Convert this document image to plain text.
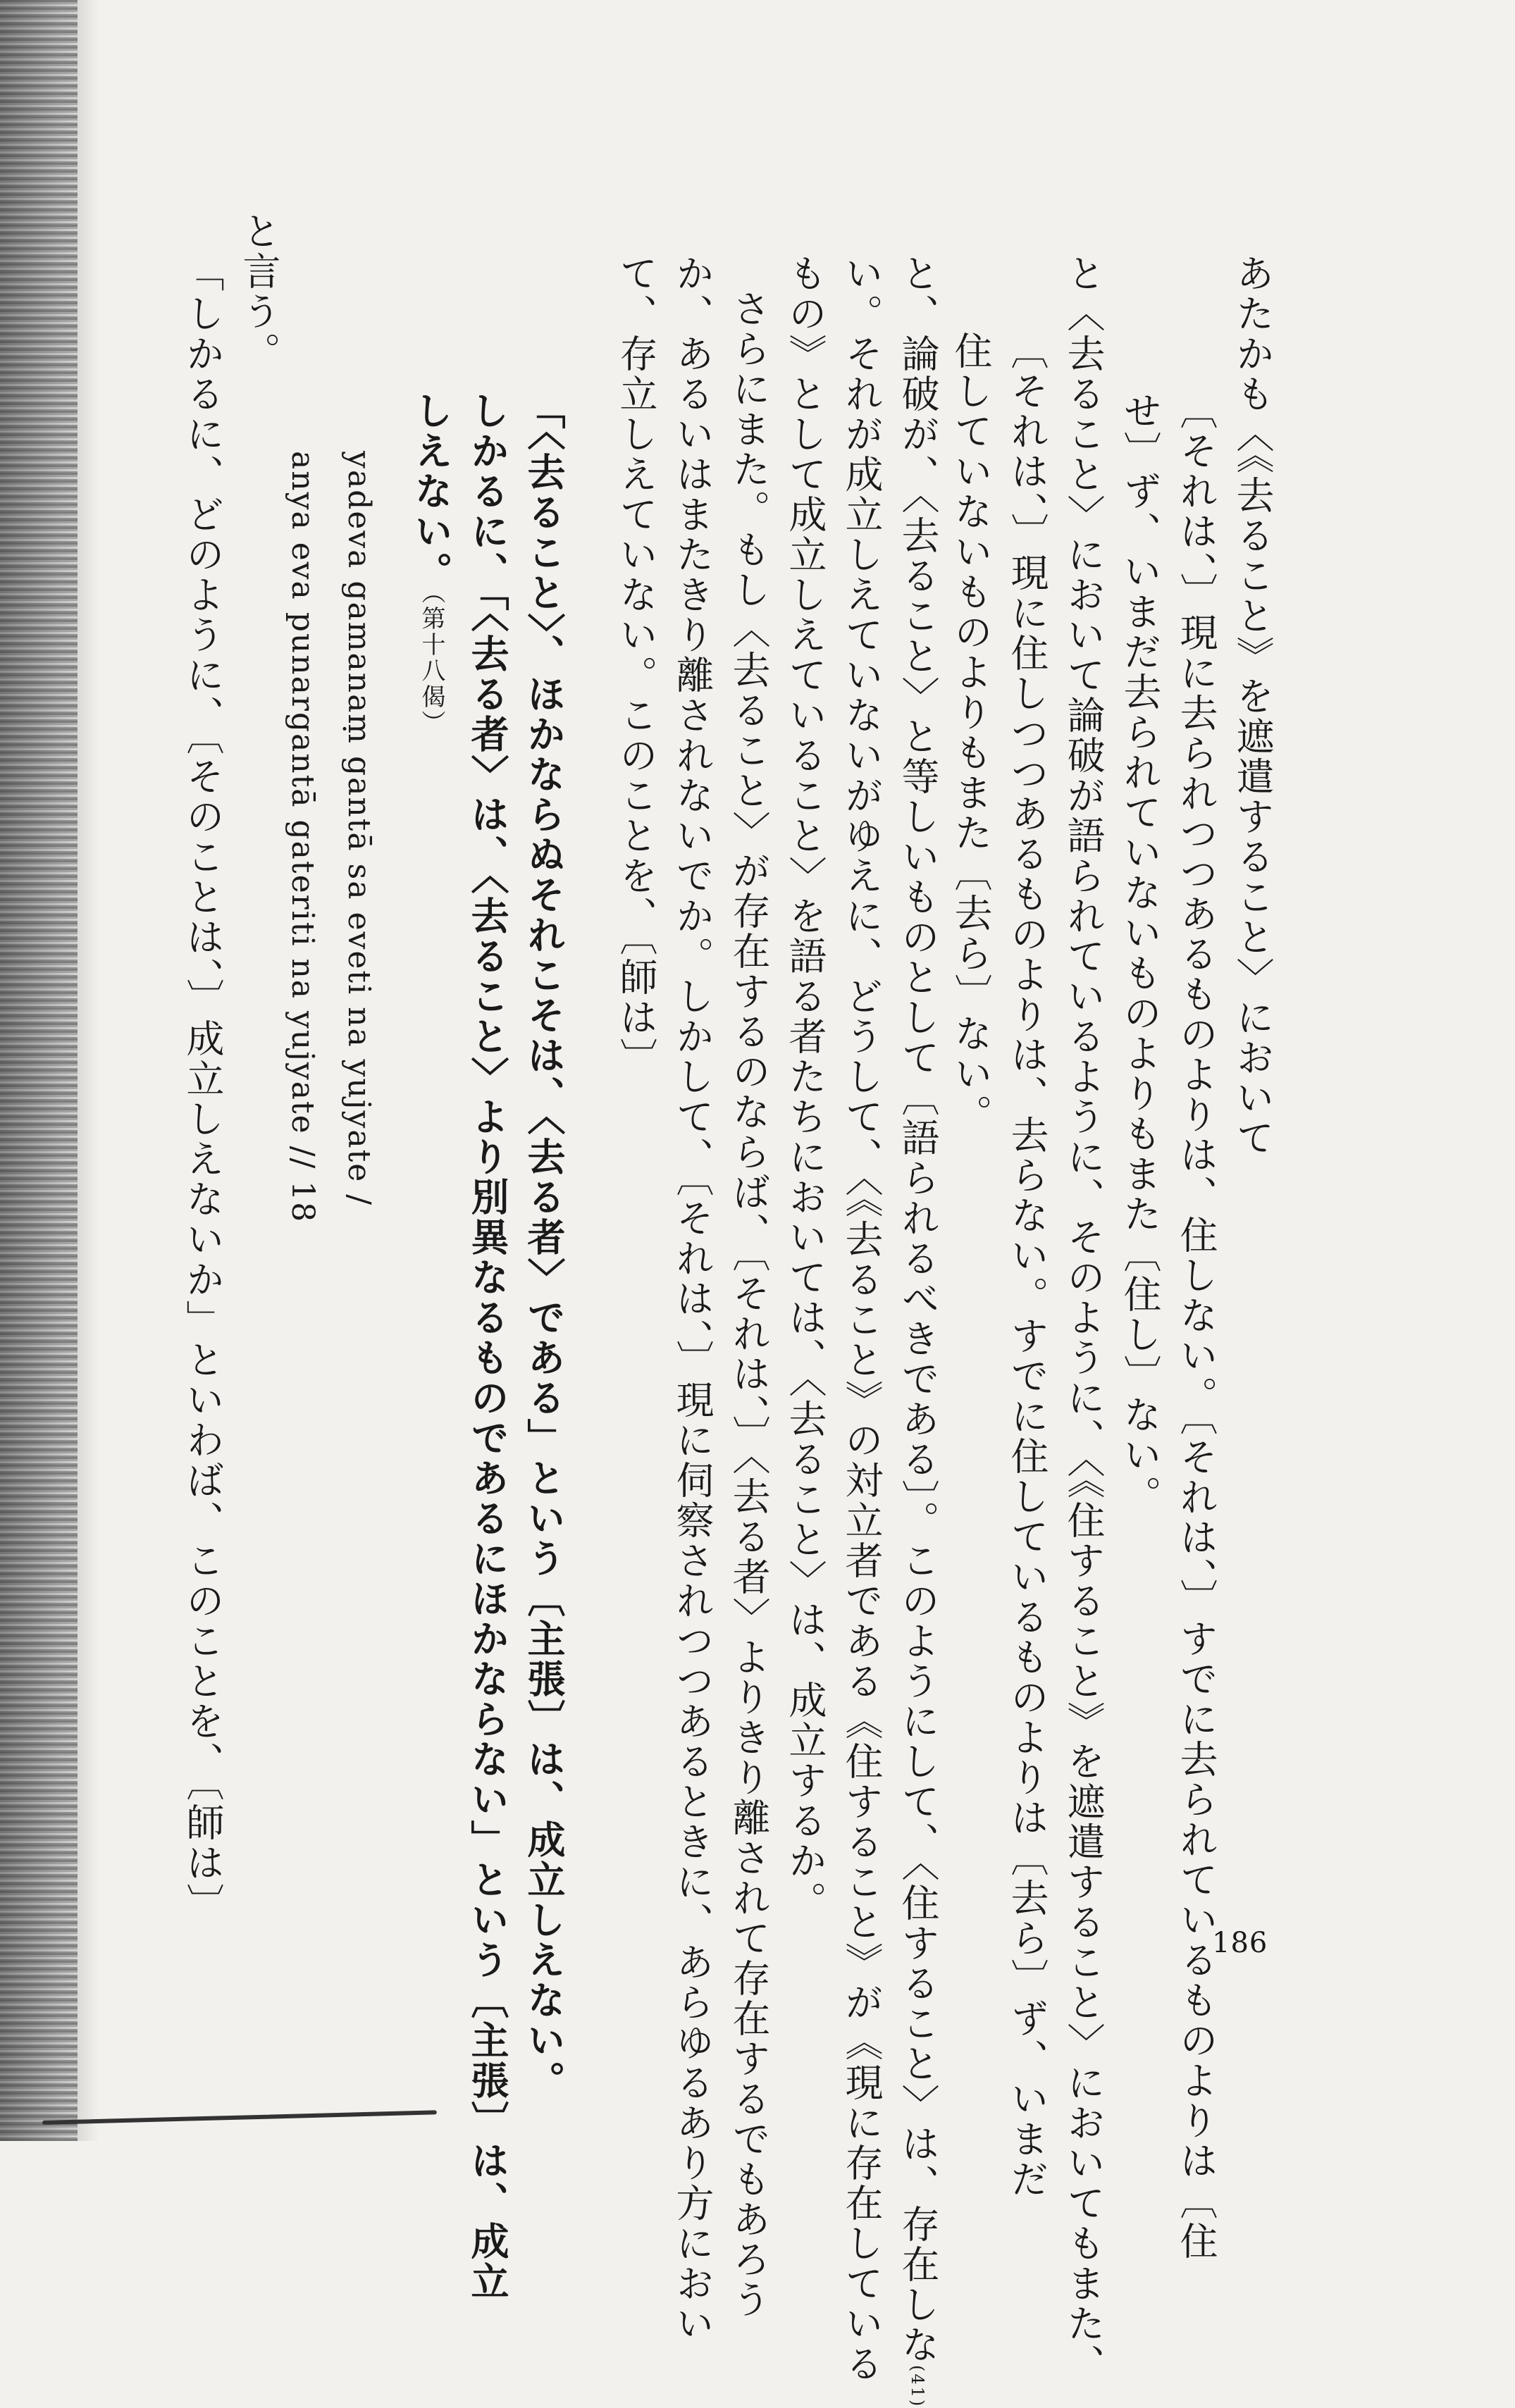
186
あたかも〈《去ること》を遮遣すること〉において
〔それは、〕現に去られつつあるものよりは、住しない。〔それは、〕すでに去られているものよりは〔住
せ〕ず、いまだ去られていないものよりもまた〔住し〕ない。
と〈去ること〉において論破が語られているように、そのように、〈《住すること》を遮遣すること〉においてもまた、
〔それは、〕現に住しつつあるものよりは、去らない。すでに住しているものよりは〔去ら〕ず、いまだ
住していないものよりもまた〔去ら〕ない。
と、論破が、〈去ること〉と等しいものとして〔語られるべきである〕。このようにして、〈住すること〉は、存在しな(41)
い。それが成立しえていないがゆえに、どうして、〈《去ること》の対立者である《住すること》が《現に存在している
もの》として成立しえていること〉を語る者たちにおいては、〈去ること〉は、成立するか。
さらにまた。もし〈去ること〉が存在するのならば、〔それは、〕〈去る者〉よりきり離されて存在するでもあろう
か、あるいはまたきり離されないでか。しかして、〔それは、〕現に伺察されつつあるときに、あらゆるあり方におい
て、存立しえていない。このことを、〔師は〕
「〈去ること〉、ほかならぬそれこそは、〈去る者〉である」という〔主張〕は、成立しえない。
しかるに、「〈去る者〉は、〈去ること〉より別異なるものであるにほかならない」という〔主張〕は、成立
しえない。（第十八偈）
yadeva gamanaṃ gantā sa eveti na yujyate /
anya eva punargantā gateriti na yujyate // 18
と言う。
「しかるに、どのように、〔そのことは、〕成立しえないか」といわば、このことを、〔師は〕
